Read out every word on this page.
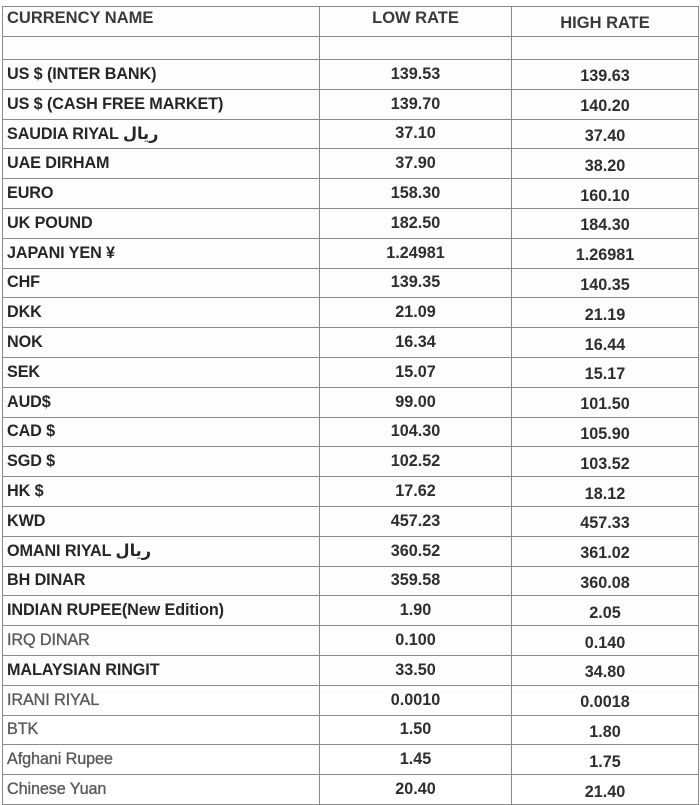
CURRENCY NAME	LOW RATE	HIGH RATE

US $ (INTER BANK)	139.53	139.63
US $ (CASH FREE MARKET)	139.70	140.20
SAUDIA RIYAL ریال	37.10	37.40
UAE DIRHAM	37.90	38.20
EURO	158.30	160.10
UK POUND	182.50	184.30
JAPANI YEN ¥	1.24981	1.26981
CHF	139.35	140.35
DKK	21.09	21.19
NOK	16.34	16.44
SEK	15.07	15.17
AUD$	99.00	101.50
CAD $	104.30	105.90
SGD $	102.52	103.52
HK $	17.62	18.12
KWD	457.23	457.33
OMANI RIYAL ریال	360.52	361.02
BH DINAR	359.58	360.08
INDIAN RUPEE(New Edition)	1.90	2.05
IRQ DINAR	0.100	0.140
MALAYSIAN RINGIT	33.50	34.80
IRANI RIYAL	0.0010	0.0018
BTK	1.50	1.80
Afghani Rupee	1.45	1.75
Chinese Yuan	20.40	21.40
